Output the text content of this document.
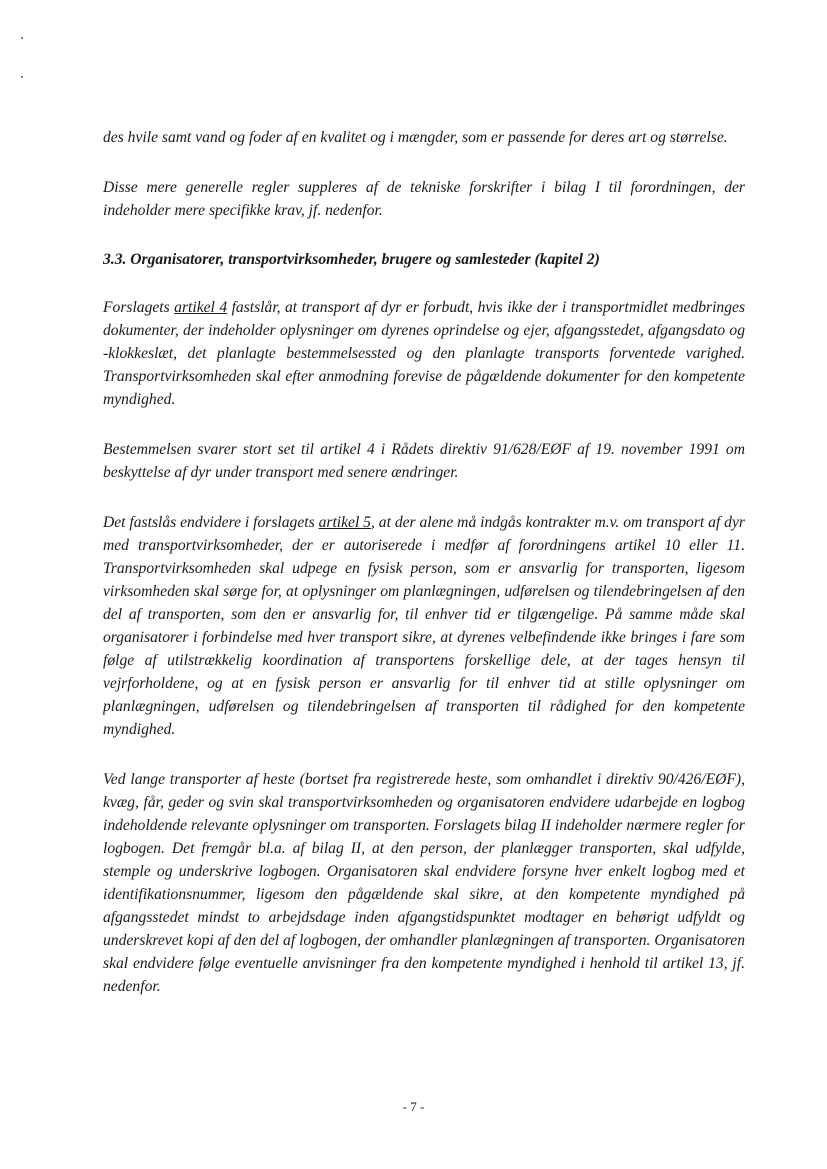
des hvile samt vand og foder af en kvalitet og i mængder, som er passende for deres art og størrelse.

Disse mere generelle regler suppleres af de tekniske forskrifter i bilag I til forordningen, der indeholder mere specifikke krav, jf. nedenfor.

3.3. Organisatorer, transportvirksomheder, brugere og samlesteder (kapitel 2)

Forslagets artikel 4 fastslår, at transport af dyr er forbudt, hvis ikke der i transportmidlet medbringes dokumenter, der indeholder oplysninger om dyrenes oprindelse og ejer, afgangsstedet, afgangsdato og -klokkeslæt, det planlagte bestemmelsessted og den planlagte transports forventede varighed. Transportvirksomheden skal efter anmodning forevise de pågældende dokumenter for den kompetente myndighed.

Bestemmelsen svarer stort set til artikel 4 i Rådets direktiv 91/628/EØF af 19. november 1991 om beskyttelse af dyr under transport med senere ændringer.

Det fastslås endvidere i forslagets artikel 5, at der alene må indgås kontrakter m.v. om transport af dyr med transportvirksomheder, der er autoriserede i medfør af forordningens artikel 10 eller 11. Transportvirksomheden skal udpege en fysisk person, som er ansvarlig for transporten, ligesom virksomheden skal sørge for, at oplysninger om planlægningen, udførelsen og tilendebringelsen af den del af transporten, som den er ansvarlig for, til enhver tid er tilgængelige. På samme måde skal organisatorer i forbindelse med hver transport sikre, at dyrenes velbefindende ikke bringes i fare som følge af utilstrækkelig koordination af transportens forskellige dele, at der tages hensyn til vejrforholdene, og at en fysisk person er ansvarlig for til enhver tid at stille oplysninger om planlægningen, udførelsen og tilendebringelsen af transporten til rådighed for den kompetente myndighed.

Ved lange transporter af heste (bortset fra registrerede heste, som omhandlet i direktiv 90/426/EØF), kvæg, får, geder og svin skal transportvirksomheden og organisatoren endvidere udarbejde en logbog indeholdende relevante oplysninger om transporten. Forslagets bilag II indeholder nærmere regler for logbogen. Det fremgår bl.a. af bilag II, at den person, der planlægger transporten, skal udfylde, stemple og underskrive logbogen. Organisatoren skal endvidere forsyne hver enkelt logbog med et identifikationsnummer, ligesom den pågældende skal sikre, at den kompetente myndighed på afgangsstedet mindst to arbejdsdage inden afgangstidspunktet modtager en behørigt udfyldt og underskrevet kopi af den del af logbogen, der omhandler planlægningen af transporten. Organisatoren skal endvidere følge eventuelle anvisninger fra den kompetente myndighed i henhold til artikel 13, jf. nedenfor.

- 7 -
